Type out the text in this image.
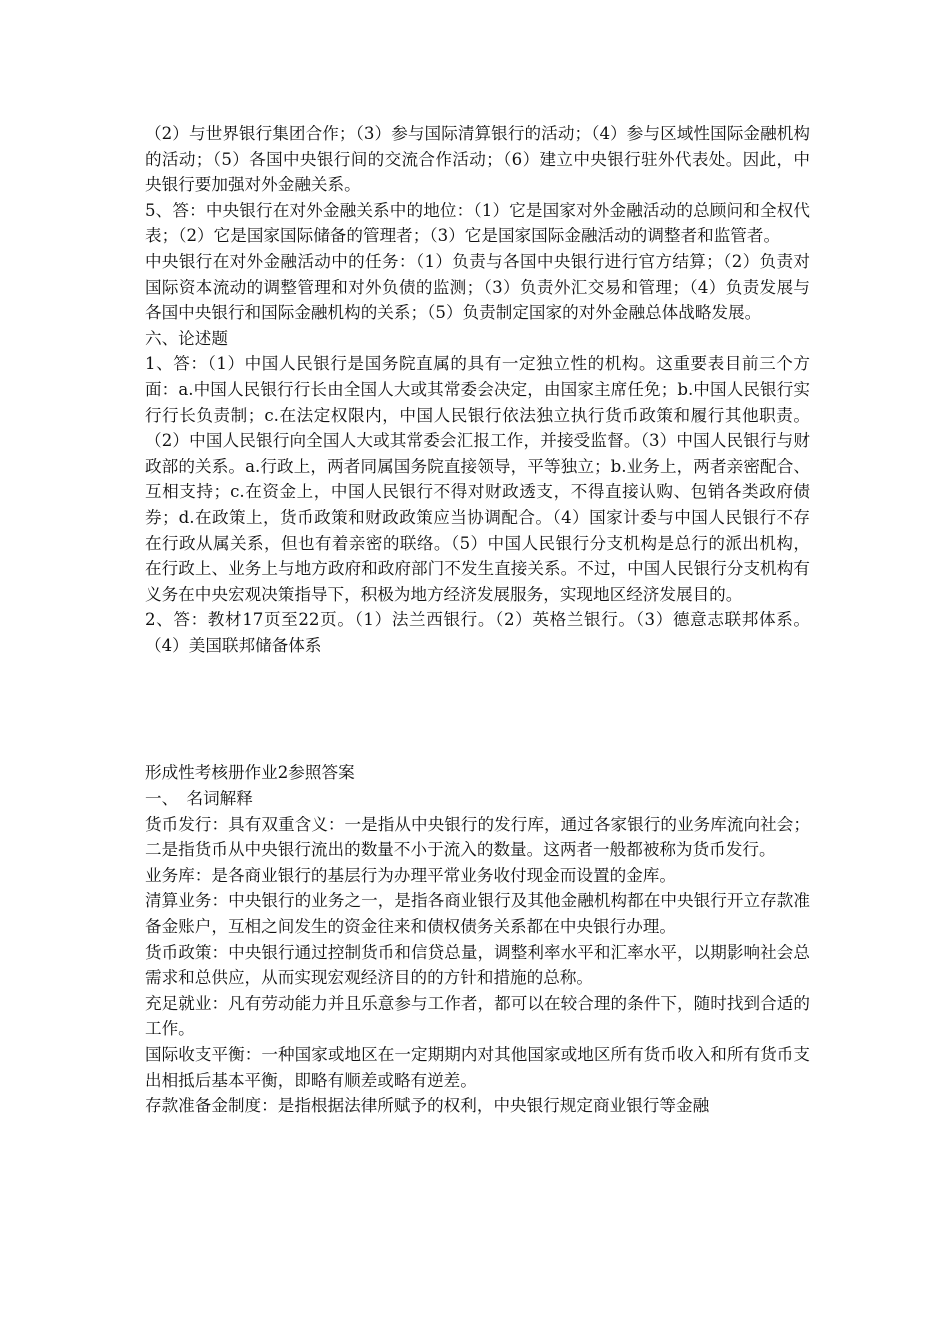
（2）与世界银行集团合作；（3）参与国际清算银行的活动；（4）参与区域性国际金融机构的活动；（5）各国中央银行间的交流合作活动；（6）建立中央银行驻外代表处。因此，中央银行要加强对外金融关系。

5、答：中央银行在对外金融关系中的地位：（1）它是国家对外金融活动的总顾问和全权代表；（2）它是国家国际储备的管理者；（3）它是国家国际金融活动的调整者和监管者。

中央银行在对外金融活动中的任务：（1）负责与各国中央银行进行官方结算；（2）负责对国际资本流动的调整管理和对外负债的监测；（3）负责外汇交易和管理；（4）负责发展与各国中央银行和国际金融机构的关系；（5）负责制定国家的对外金融总体战略发展。

六、论述题

1、答：（1）中国人民银行是国务院直属的具有一定独立性的机构。这重要表目前三个方面：a.中国人民银行行长由全国人大或其常委会决定，由国家主席任免；b.中国人民银行实行行长负责制；c.在法定权限内，中国人民银行依法独立执行货币政策和履行其他职责。（2）中国人民银行向全国人大或其常委会汇报工作，并接受监督。（3）中国人民银行与财政部的关系。a.行政上，两者同属国务院直接领导，平等独立；b.业务上，两者亲密配合、互相支持；c.在资金上，中国人民银行不得对财政透支，不得直接认购、包销各类政府债券；d.在政策上，货币政策和财政政策应当协调配合。（4）国家计委与中国人民银行不存在行政从属关系，但也有着亲密的联络。（5）中国人民银行分支机构是总行的派出机构，在行政上、业务上与地方政府和政府部门不发生直接关系。不过，中国人民银行分支机构有义务在中央宏观决策指导下，积极为地方经济发展服务，实现地区经济发展目的。

2、答：教材17页至22页。（1）法兰西银行。（2）英格兰银行。（3）德意志联邦体系。（4）美国联邦储备体系

形成性考核册作业2参照答案

一、　名词解释

货币发行：具有双重含义：一是指从中央银行的发行库，通过各家银行的业务库流向社会；二是指货币从中央银行流出的数量不小于流入的数量。这两者一般都被称为货币发行。

业务库：是各商业银行的基层行为办理平常业务收付现金而设置的金库。

清算业务：中央银行的业务之一，是指各商业银行及其他金融机构都在中央银行开立存款准备金账户，互相之间发生的资金往来和债权债务关系都在中央银行办理。

货币政策：中央银行通过控制货币和信贷总量，调整利率水平和汇率水平，以期影响社会总需求和总供应，从而实现宏观经济目的的方针和措施的总称。

充足就业：凡有劳动能力并且乐意参与工作者，都可以在较合理的条件下，随时找到合适的工作。

国际收支平衡：一种国家或地区在一定期期内对其他国家或地区所有货币收入和所有货币支出相抵后基本平衡，即略有顺差或略有逆差。

存款准备金制度：是指根据法律所赋予的权利，中央银行规定商业银行等金融
